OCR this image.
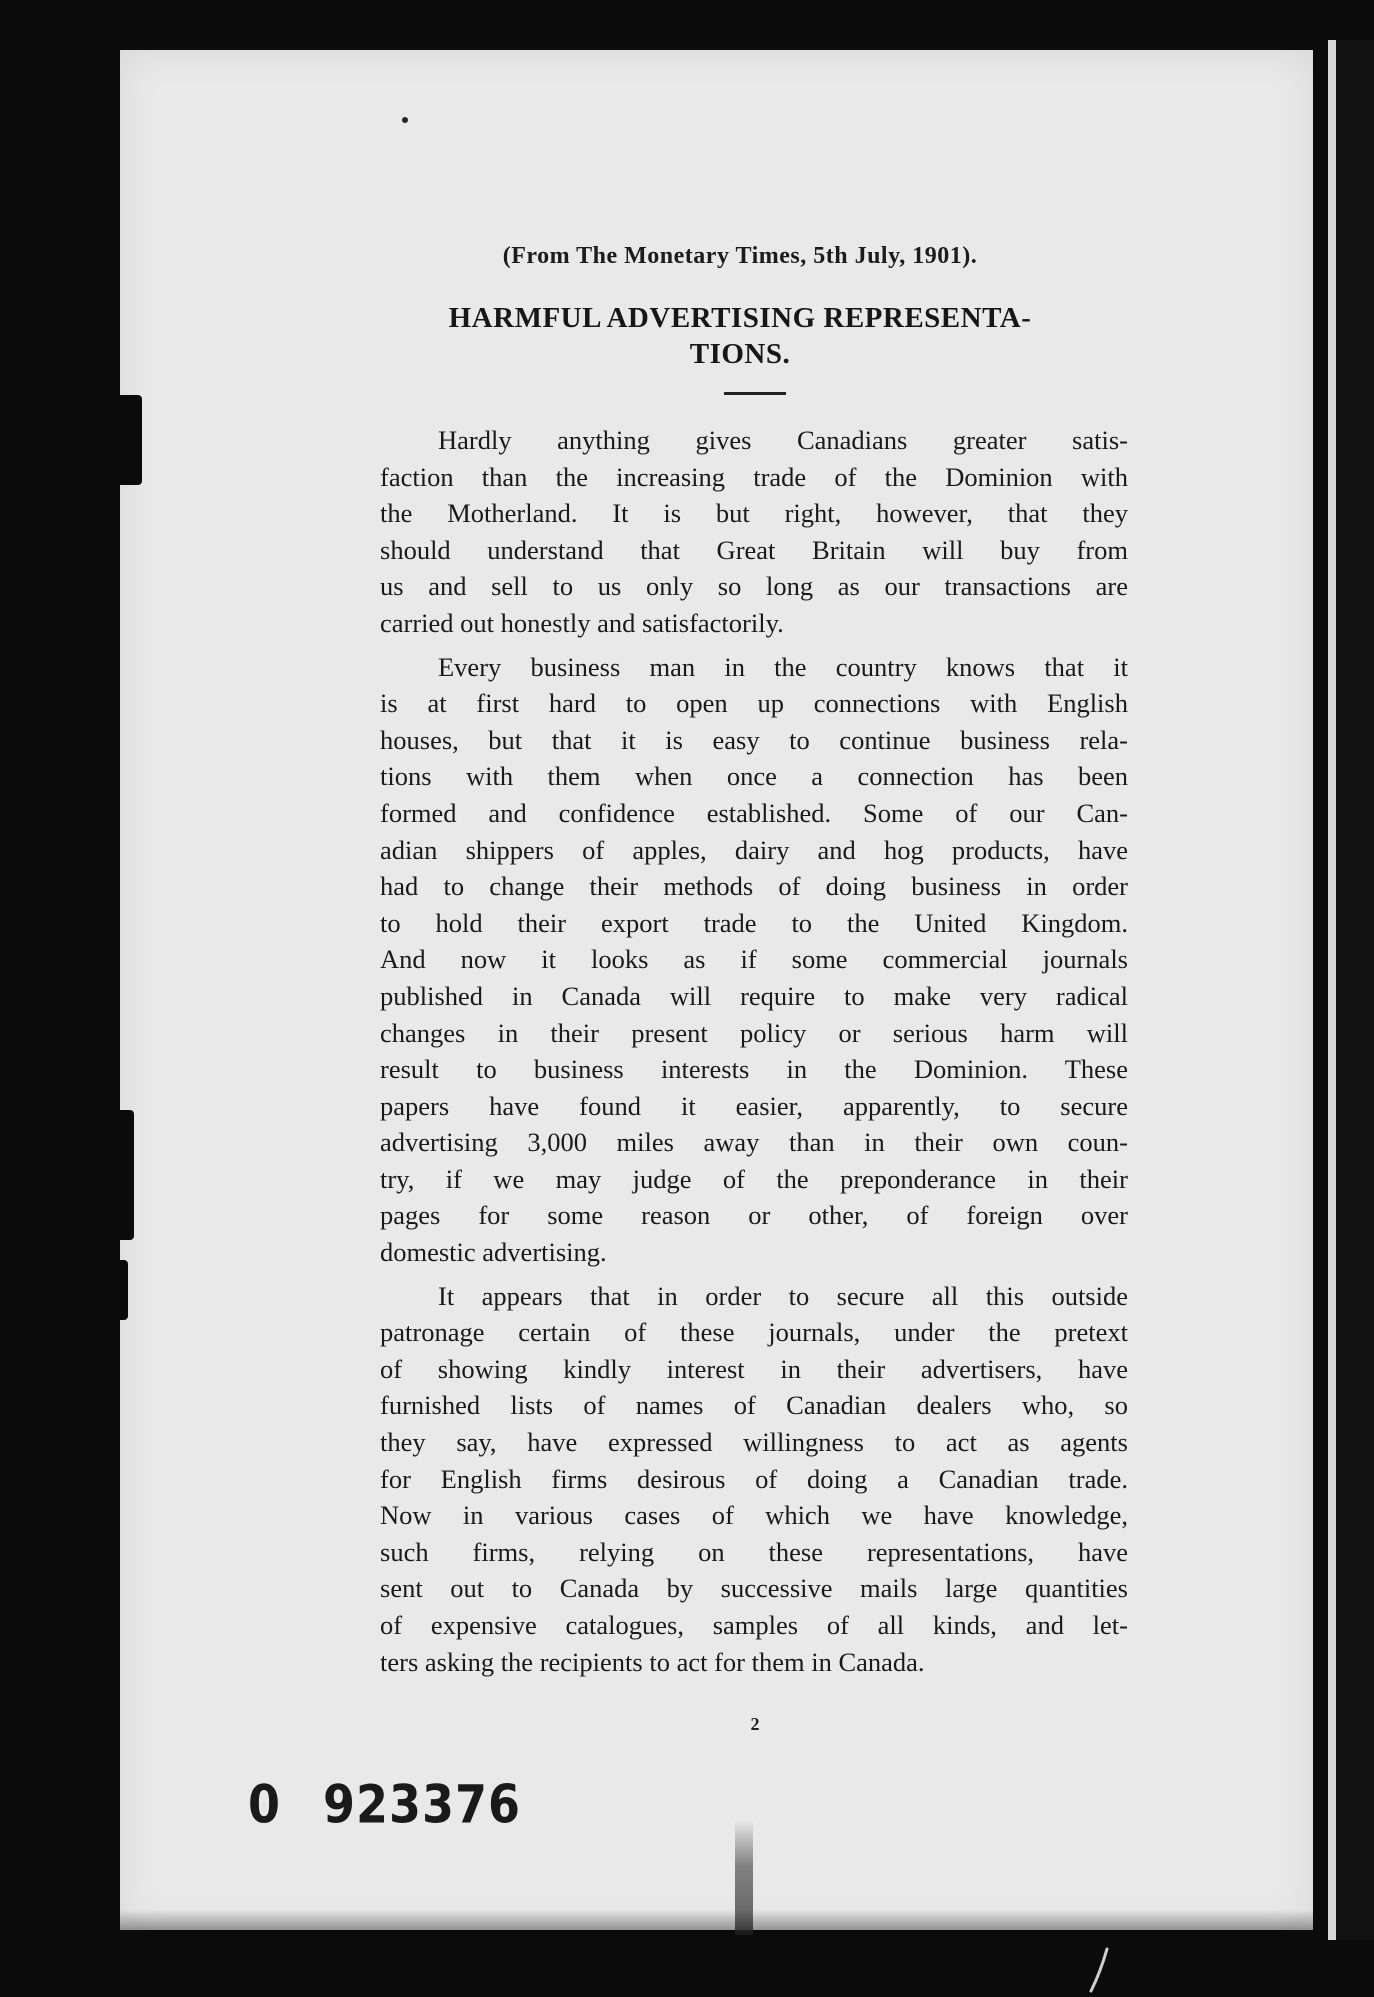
(From The Monetary Times, 5th July, 1901).
HARMFUL ADVERTISING REPRESENTA-
TIONS.

Hardly anything gives Canadians greater satis-
faction than the increasing trade of the Dominion with
the Motherland. It is but right, however, that they
should understand that Great Britain will buy from
us and sell to us only so long as our transactions are
carried out honestly and satisfactorily.

Every business man in the country knows that it
is at first hard to open up connections with English
houses, but that it is easy to continue business rela-
tions with them when once a connection has been
formed and confidence established. Some of our Can-
adian shippers of apples, dairy and hog products, have
had to change their methods of doing business in order
to hold their export trade to the United Kingdom.
And now it looks as if some commercial journals
published in Canada will require to make very radical
changes in their present policy or serious harm will
result to business interests in the Dominion. These
papers have found it easier, apparently, to secure
advertising 3,000 miles away than in their own coun-
try, if we may judge of the preponderance in their
pages for some reason or other, of foreign over
domestic advertising.

It appears that in order to secure all this outside
patronage certain of these journals, under the pretext
of showing kindly interest in their advertisers, have
furnished lists of names of Canadian dealers who, so
they say, have expressed willingness to act as agents
for English firms desirous of doing a Canadian trade.
Now in various cases of which we have knowledge,
such firms, relying on these representations, have
sent out to Canada by successive mails large quantities
of expensive catalogues, samples of all kinds, and let-
ters asking the recipients to act for them in Canada.

2
0 923376
